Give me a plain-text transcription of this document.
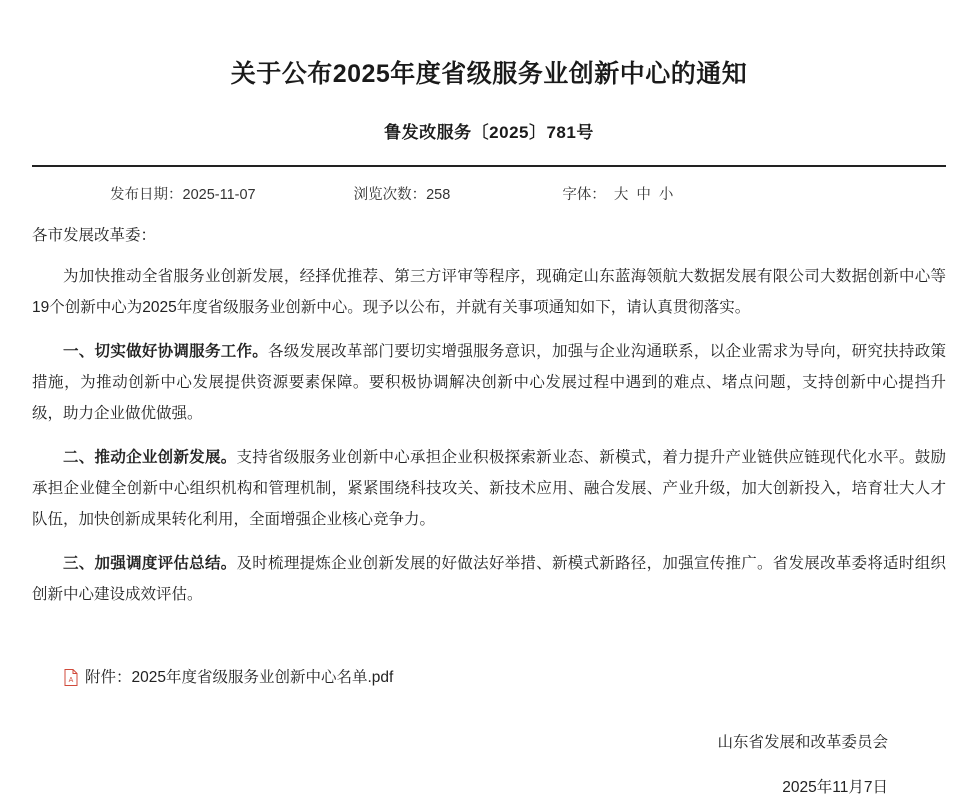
关于公布2025年度省级服务业创新中心的通知
鲁发改服务〔2025〕781号
发布日期：2025-11-07	浏览次数：258	字体： 大 中 小

各市发展改革委：

为加快推动全省服务业创新发展，经择优推荐、第三方评审等程序，现确定山东蓝海领航大数据发展有限公司大数据创新中心等19个创新中心为2025年度省级服务业创新中心。现予以公布，并就有关事项通知如下，请认真贯彻落实。

一、切实做好协调服务工作。各级发展改革部门要切实增强服务意识，加强与企业沟通联系，以企业需求为导向，研究扶持政策措施，为推动创新中心发展提供资源要素保障。要积极协调解决创新中心发展过程中遇到的难点、堵点问题，支持创新中心提挡升级，助力企业做优做强。

二、推动企业创新发展。支持省级服务业创新中心承担企业积极探索新业态、新模式，着力提升产业链供应链现代化水平。鼓励承担企业健全创新中心组织机构和管理机制，紧紧围绕科技攻关、新技术应用、融合发展、产业升级，加大创新投入，培育壮大人才队伍，加快创新成果转化利用，全面增强企业核心竞争力。

三、加强调度评估总结。及时梳理提炼企业创新发展的好做法好举措、新模式新路径，加强宣传推广。省发展改革委将适时组织创新中心建设成效评估。

A 附件： 2025年度省级服务业创新中心名单.pdf
山东省发展和改革委员会
2025年11月7日
